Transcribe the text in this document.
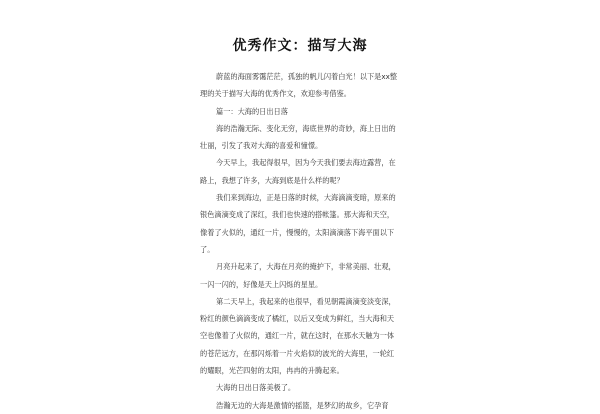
优秀作文：描写大海

蔚蓝的海面雾霭茫茫，孤独的帆儿闪着白光！以下是xx整理的关于描写大海的优秀作文，欢迎参考借鉴。

篇一：大海的日出日落

海的浩瀚无际、变化无穷，海底世界的奇妙，海上日出的壮丽，引发了我对大海的喜爱和憧憬。

今天早上，我起得很早，因为今天我们要去海边露营，在路上，我想了许多，大海到底是什么样的呢？

我们来到海边，正是日落的时候，大海滴滴变暗，原来的银色滴滴变成了深红，我们也快速的搭帐篷。那大海和天空，像着了火似的，通红一片，慢慢的，太阳滴滴落下海平面以下了。

月亮升起来了，大海在月亮的掩护下，非常美丽、壮观，一闪一闪的，好像是天上闪烁的星星。

第二天早上，我起来的也很早，看见朝霞滴滴变淡变深，粉红的颜色滴滴变成了橘红，以后又变成为鲜红，当大海和天空也像着了火似的，通红一片，就在这时，在那水天触为一体的苍茫远方，在那闪烁着一片火焰似的波光的大海里，一轮红的耀眼，光芒四射的太阳，冉冉的升腾起来。

大海的日出日落美极了。

浩瀚无边的大海是激情的摇篮，是梦幻的故乡，它孕育
